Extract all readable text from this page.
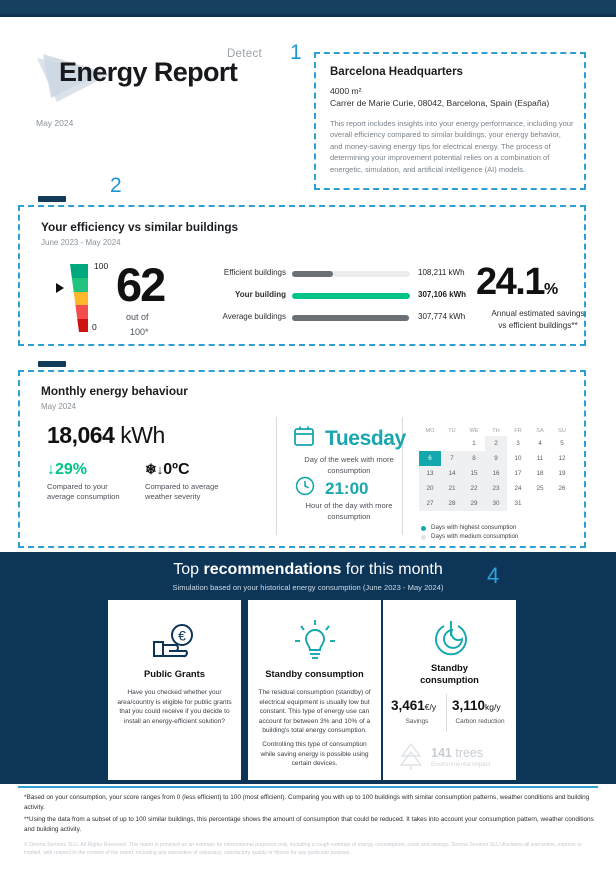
Detect
Energy Report
May 2024
1
Barcelona Headquarters
4000 m²
Carrer de Marie Curie, 08042, Barcelona, Spain (España)
This report includes insights into your energy performance, including your overall efficiency compared to similar buildings, your energy behavior, and money-saving energy tips for electrical energy. The process of determining your improvement potential relies on a combination of energetic, simulation, and artificial intelligence (AI) models.
2
Your efficiency vs similar buildings
June 2023 - May 2024
100
0
62
out of
100*
Efficient buildings	108,211 kWh
Your building	307,106 kWh
Average buildings	307,774 kWh
24.1%
Annual estimated savings
vs efficient buildings**
Monthly energy behaviour
May 2024
18,064 kWh
↓29%
Compared to your
average consumption
❄↓0ºC
Compared to average
weather severity
Tuesday
Day of the week with more
consumption
21:00
Hour of the day with more
consumption
MO	TU	WE	TH	FR	SA	SU
		1	2	3	4	5
6	7	8	9	10	11	12
13	14	15	16	17	18	19
20	21	22	23	24	25	26
27	28	29	30	31		
Days with highest consumption
Days with medium consumption
Top recommendations for this month
Simulation based on your historical energy consumption (June 2023 - May 2024)	4
€
Public Grants
Have you checked whether your area/country is eligible for public grants that you could receive if you decide to install an energy-efficient solution?
Standby consumption
The residual consumption (standby) of electrical equipment is usually low but constant. This type of energy use can account for between 3% and 10% of a building's total energy consumption.
Controlling this type of consumption while saving energy is possible using certain devices.
Standby
consumption
3,461€/y
Savings
3,110kg/y
Carbon reduction
141 trees
Environmental impact
*Based on your consumption, your score ranges from 0 (less efficient) to 100 (most efficient). Comparing you with up to 100 buildings with similar consumption patterns, weather conditions and building activity.
**Using the data from a subset of up to 100 similar buildings, this percentage shows the amount of consumption that could be reduced. It takes into account your consumption pattern, weather conditions and building activity.
© Dexma Sensors SLU. All Rights Reserved. This report is provided as an estimate for informational purposes only, including a rough estimate of energy consumption, costs and savings. Dexma Sensors SLU disclaims all warranties, express or implied, with respect to the content of the report, including any warranties of adequacy, satisfactory quality or fitness for any particular purpose.
